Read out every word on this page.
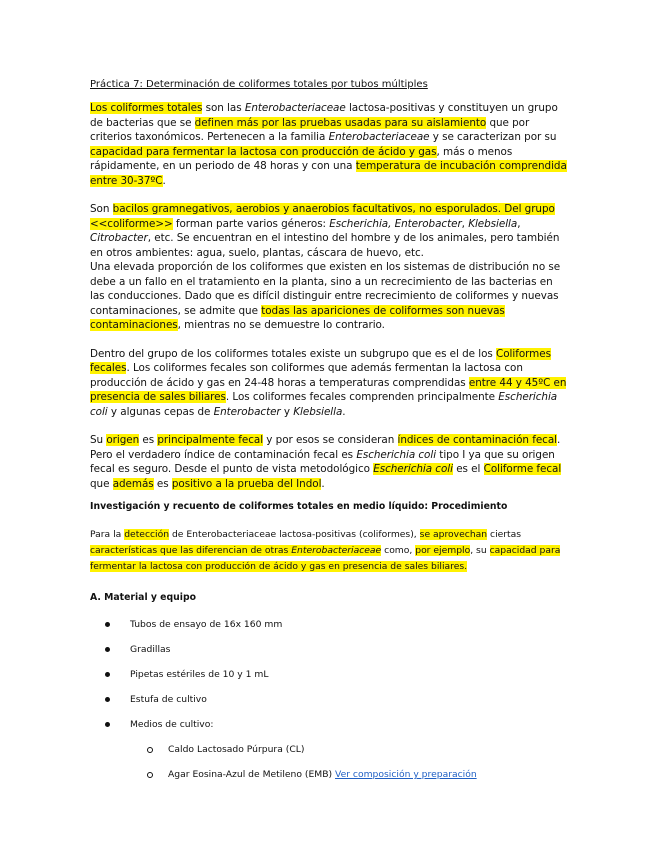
Práctica 7: Determinación de coliformes totales por tubos múltiples

Los coliformes totales son las Enterobacteriaceae lactosa-positivas y constituyen un grupo de bacterias que se definen más por las pruebas usadas para su aislamiento que por criterios taxonómicos. Pertenecen a la familia Enterobacteriaceae y se caracterizan por su capacidad para fermentar la lactosa con producción de ácido y gas, más o menos rápidamente, en un periodo de 48 horas y con una temperatura de incubación comprendida entre 30-37ºC.

Son bacilos gramnegativos, aerobios y anaerobios facultativos, no esporulados. Del grupo <<coliforme>> forman parte varios géneros: Escherichia, Enterobacter, Klebsiella, Citrobacter, etc. Se encuentran en el intestino del hombre y de los animales, pero también en otros ambientes: agua, suelo, plantas, cáscara de huevo, etc.

Una elevada proporción de los coliformes que existen en los sistemas de distribución no se debe a un fallo en el tratamiento en la planta, sino a un recrecimiento de las bacterias en las conducciones. Dado que es difícil distinguir entre recrecimiento de coliformes y nuevas contaminaciones, se admite que todas las apariciones de coliformes son nuevas contaminaciones, mientras no se demuestre lo contrario.

Dentro del grupo de los coliformes totales existe un subgrupo que es el de los Coliformes fecales. Los coliformes fecales son coliformes que además fermentan la lactosa con producción de ácido y gas en 24-48 horas a temperaturas comprendidas entre 44 y 45ºC en presencia de sales biliares. Los coliformes fecales comprenden principalmente Escherichia coli y algunas cepas de Enterobacter y Klebsiella.

Su origen es principalmente fecal y por esos se consideran índices de contaminación fecal. Pero el verdadero índice de contaminación fecal es Escherichia coli tipo I ya que su origen fecal es seguro. Desde el punto de vista metodológico Escherichia coli es el Coliforme fecal que además es positivo a la prueba del Indol.

Investigación y recuento de coliformes totales en medio líquido: Procedimiento

Para la detección de Enterobacteriaceae lactosa-positivas (coliformes), se aprovechan ciertas características que las diferencian de otras Enterobacteriaceae como, por ejemplo, su capacidad para fermentar la lactosa con producción de ácido y gas en presencia de sales biliares.

A. Material y equipo

Tubos de ensayo de 16x 160 mm
Gradillas
Pipetas estériles de 10 y 1 mL
Estufa de cultivo
Medios de cultivo:
Caldo Lactosado Púrpura (CL)
Agar Eosina-Azul de Metileno (EMB) Ver composición y preparación
